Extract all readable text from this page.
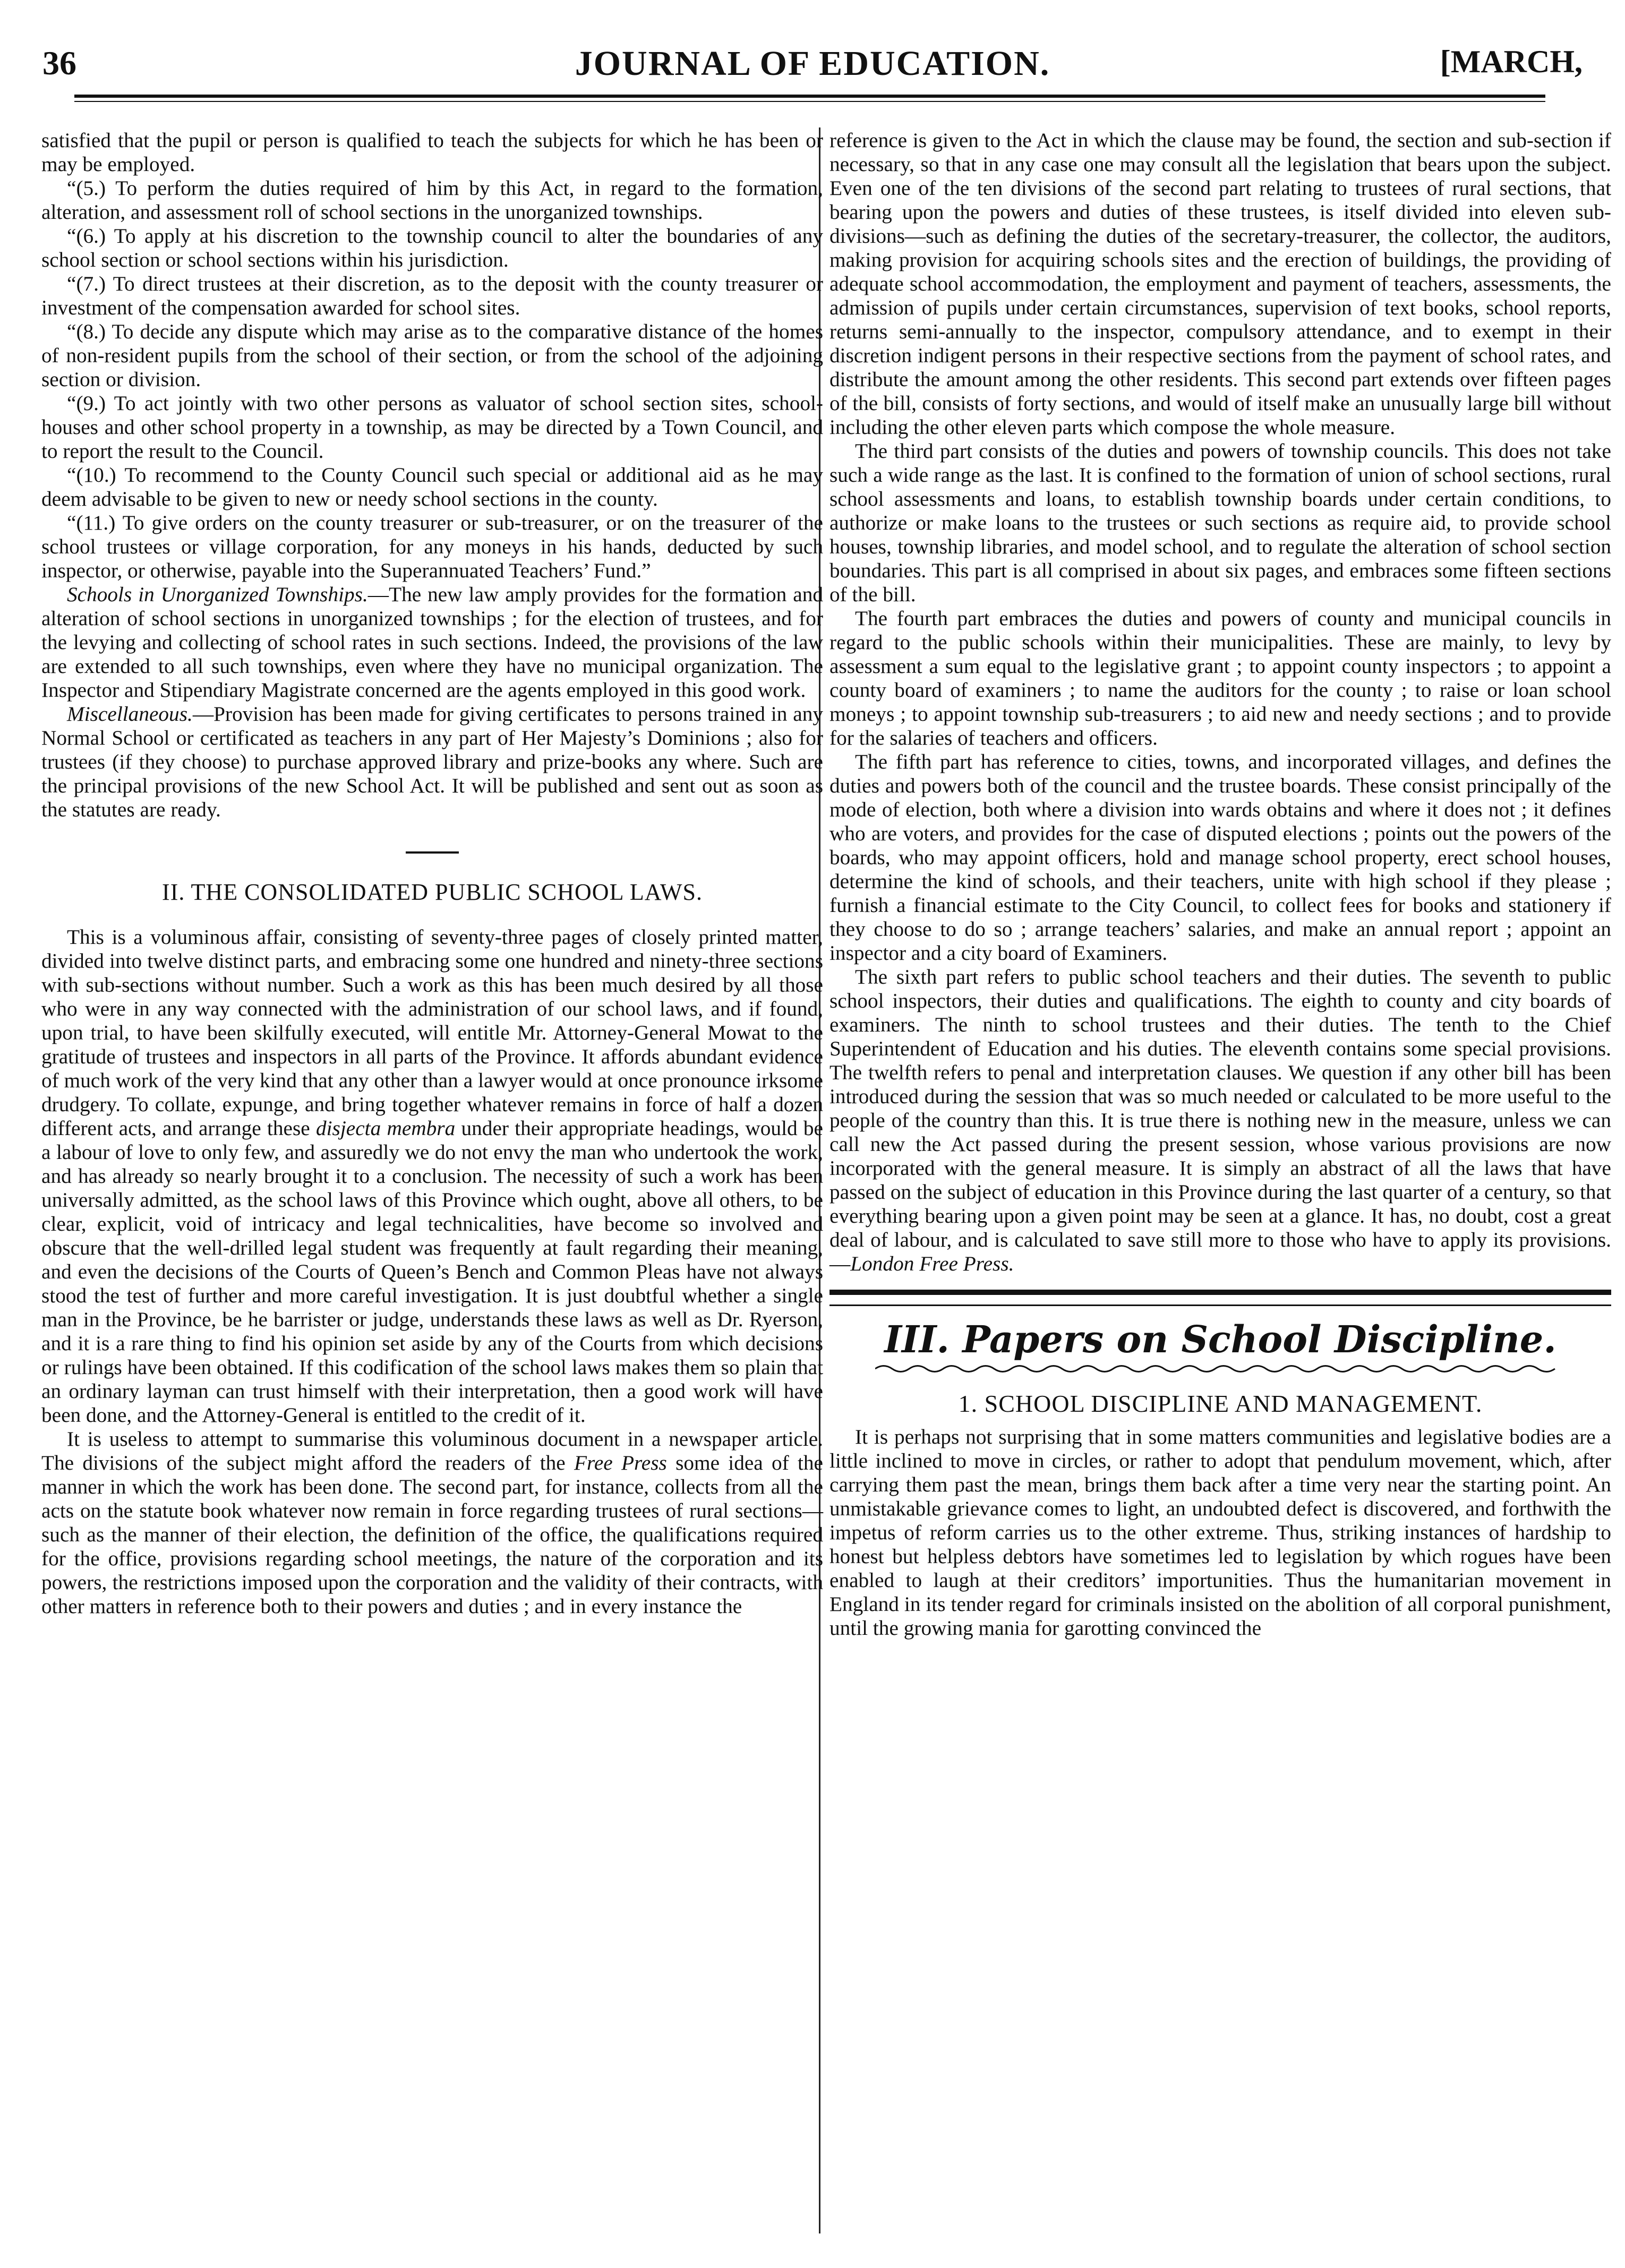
36	JOURNAL OF EDUCATION.	[MARCH,

satisfied that the pupil or person is qualified to teach the subjects for which he has been or may be employed.

“(5.) To perform the duties required of him by this Act, in regard to the formation, alteration, and assessment roll of school sections in the unorganized townships.

“(6.) To apply at his discretion to the township council to alter the boundaries of any school section or school sections within his jurisdiction.

“(7.) To direct trustees at their discretion, as to the deposit with the county treasurer or investment of the compensation awarded for school sites.

“(8.) To decide any dispute which may arise as to the comparative distance of the homes of non-resident pupils from the school of their section, or from the school of the adjoining section or division.

“(9.) To act jointly with two other persons as valuator of school section sites, school-houses and other school property in a township, as may be directed by a Town Council, and to report the result to the Council.

“(10.) To recommend to the County Council such special or additional aid as he may deem advisable to be given to new or needy school sections in the county.

“(11.) To give orders on the county treasurer or sub-treasurer, or on the treasurer of the school trustees or village corporation, for any moneys in his hands, deducted by such inspector, or otherwise, payable into the Superannuated Teachers’ Fund.”

Schools in Unorganized Townships.—The new law amply provides for the formation and alteration of school sections in unorganized townships ; for the election of trustees, and for the levying and collecting of school rates in such sections. Indeed, the provisions of the law are extended to all such townships, even where they have no municipal organization. The Inspector and Stipendiary Magistrate concerned are the agents employed in this good work.

Miscellaneous.—Provision has been made for giving certificates to persons trained in any Normal School or certificated as teachers in any part of Her Majesty’s Dominions ; also for trustees (if they choose) to purchase approved library and prize-books any where. Such are the principal provisions of the new School Act. It will be published and sent out as soon as the statutes are ready.

II. THE CONSOLIDATED PUBLIC SCHOOL LAWS.

This is a voluminous affair, consisting of seventy-three pages of closely printed matter, divided into twelve distinct parts, and embracing some one hundred and ninety-three sections with sub-sections without number. Such a work as this has been much desired by all those who were in any way connected with the administration of our school laws, and if found, upon trial, to have been skilfully executed, will entitle Mr. Attorney-General Mowat to the gratitude of trustees and inspectors in all parts of the Province. It affords abundant evidence of much work of the very kind that any other than a lawyer would at once pronounce irksome drudgery. To collate, expunge, and bring together whatever remains in force of half a dozen different acts, and arrange these disjecta membra under their appropriate headings, would be a labour of love to only few, and assuredly we do not envy the man who undertook the work, and has already so nearly brought it to a conclusion. The necessity of such a work has been universally admitted, as the school laws of this Province which ought, above all others, to be clear, explicit, void of intricacy and legal technicalities, have become so involved and obscure that the well-drilled legal student was frequently at fault regarding their meaning, and even the decisions of the Courts of Queen’s Bench and Common Pleas have not always stood the test of further and more careful investigation. It is just doubtful whether a single man in the Province, be he barrister or judge, understands these laws as well as Dr. Ryerson, and it is a rare thing to find his opinion set aside by any of the Courts from which decisions or rulings have been obtained. If this codification of the school laws makes them so plain that an ordinary layman can trust himself with their interpretation, then a good work will have been done, and the Attorney-General is entitled to the credit of it.

It is useless to attempt to summarise this voluminous document in a newspaper article. The divisions of the subject might afford the readers of the Free Press some idea of the manner in which the work has been done. The second part, for instance, collects from all the acts on the statute book whatever now remain in force regarding trustees of rural sections—such as the manner of their election, the definition of the office, the qualifications required for the office, provisions regarding school meetings, the nature of the corporation and its powers, the restrictions imposed upon the corporation and the validity of their contracts, with other matters in reference both to their powers and duties ; and in every instance the

reference is given to the Act in which the clause may be found, the section and sub-section if necessary, so that in any case one may consult all the legislation that bears upon the subject. Even one of the ten divisions of the second part relating to trustees of rural sections, that bearing upon the powers and duties of these trustees, is itself divided into eleven sub-divisions—such as defining the duties of the secretary-treasurer, the collector, the auditors, making provision for acquiring schools sites and the erection of buildings, the providing of adequate school accommodation, the employment and payment of teachers, assessments, the admission of pupils under certain circumstances, supervision of text books, school reports, returns semi-annually to the inspector, compulsory attendance, and to exempt in their discretion indigent persons in their respective sections from the payment of school rates, and distribute the amount among the other residents. This second part extends over fifteen pages of the bill, consists of forty sections, and would of itself make an unusually large bill without including the other eleven parts which compose the whole measure.

The third part consists of the duties and powers of township councils. This does not take such a wide range as the last. It is confined to the formation of union of school sections, rural school assessments and loans, to establish township boards under certain conditions, to authorize or make loans to the trustees or such sections as require aid, to provide school houses, township libraries, and model school, and to regulate the alteration of school section boundaries. This part is all comprised in about six pages, and embraces some fifteen sections of the bill.

The fourth part embraces the duties and powers of county and municipal councils in regard to the public schools within their municipalities. These are mainly, to levy by assessment a sum equal to the legislative grant ; to appoint county inspectors ; to appoint a county board of examiners ; to name the auditors for the county ; to raise or loan school moneys ; to appoint township sub-treasurers ; to aid new and needy sections ; and to provide for the salaries of teachers and officers.

The fifth part has reference to cities, towns, and incorporated villages, and defines the duties and powers both of the council and the trustee boards. These consist principally of the mode of election, both where a division into wards obtains and where it does not ; it defines who are voters, and provides for the case of disputed elections ; points out the powers of the boards, who may appoint officers, hold and manage school property, erect school houses, determine the kind of schools, and their teachers, unite with high school if they please ; furnish a financial estimate to the City Council, to collect fees for books and stationery if they choose to do so ; arrange teachers’ salaries, and make an annual report ; appoint an inspector and a city board of Examiners.

The sixth part refers to public school teachers and their duties. The seventh to public school inspectors, their duties and qualifications. The eighth to county and city boards of examiners. The ninth to school trustees and their duties. The tenth to the Chief Superintendent of Education and his duties. The eleventh contains some special provisions. The twelfth refers to penal and interpretation clauses. We question if any other bill has been introduced during the session that was so much needed or calculated to be more useful to the people of the country than this. It is true there is nothing new in the measure, unless we can call new the Act passed during the present session, whose various provisions are now incorporated with the general measure. It is simply an abstract of all the laws that have passed on the subject of education in this Province during the last quarter of a century, so that everything bearing upon a given point may be seen at a glance. It has, no doubt, cost a great deal of labour, and is calculated to save still more to those who have to apply its provisions.—London Free Press.

III. Papers on School Discipline.
1. SCHOOL DISCIPLINE AND MANAGEMENT.

It is perhaps not surprising that in some matters communities and legislative bodies are a little inclined to move in circles, or rather to adopt that pendulum movement, which, after carrying them past the mean, brings them back after a time very near the starting point. An unmistakable grievance comes to light, an undoubted defect is discovered, and forthwith the impetus of reform carries us to the other extreme. Thus, striking instances of hardship to honest but helpless debtors have sometimes led to legislation by which rogues have been enabled to laugh at their creditors’ importunities. Thus the humanitarian movement in England in its tender regard for criminals insisted on the abolition of all corporal punishment, until the growing mania for garotting convinced the
